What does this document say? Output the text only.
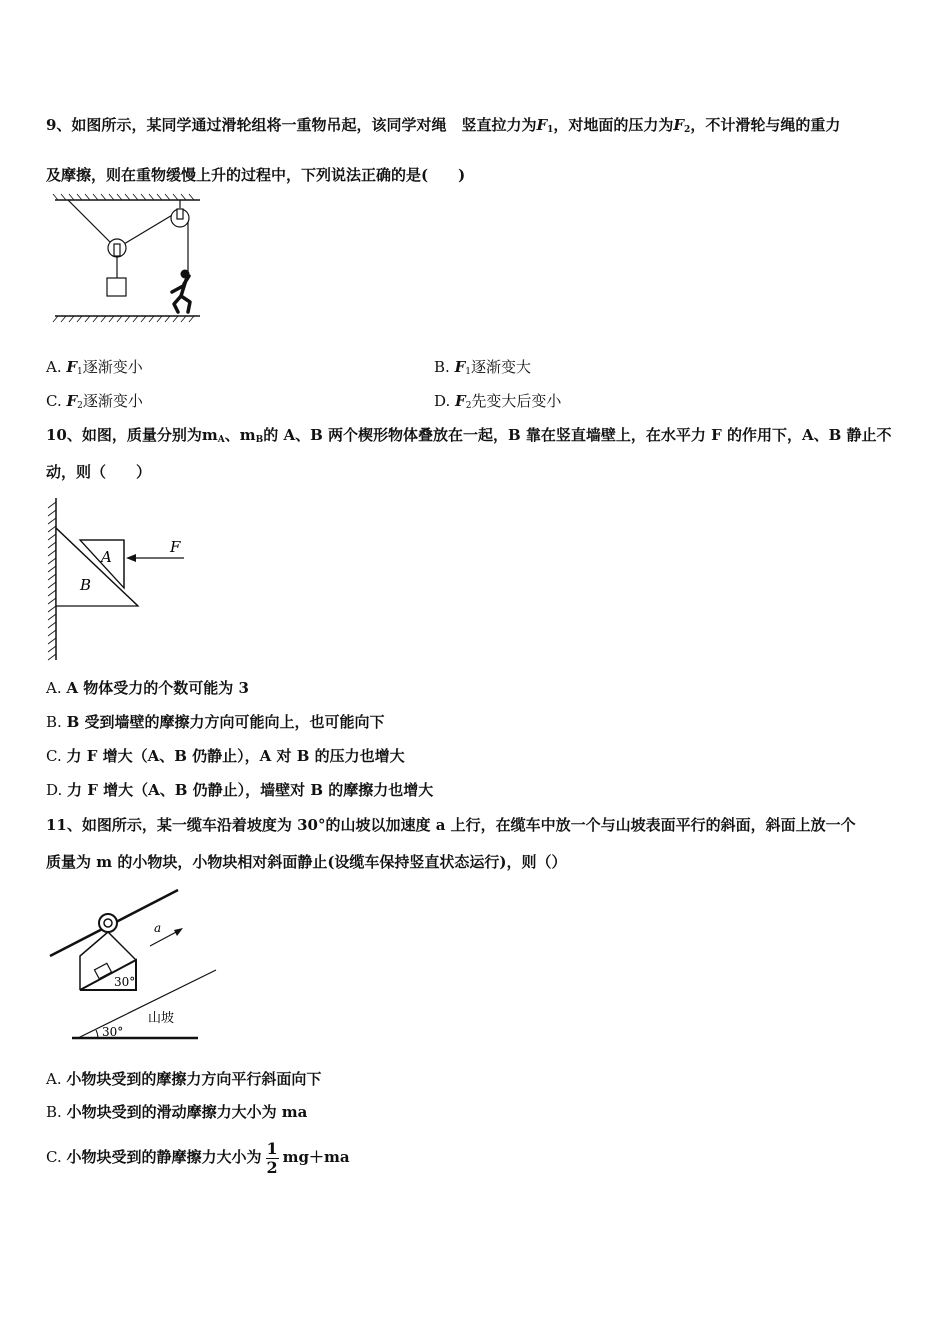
9、如图所示，某同学通过滑轮组将一重物吊起，该同学对绳　竖直拉力为$F_1$，对地面的压力为$F_2$，不计滑轮与绳的重力
及摩擦，则在重物缓慢上升的过程中，下列说法正确的是(　　)
A. $F_1$逐渐变小	B. $F_1$逐渐变大
C. $F_2$逐渐变小	D. $F_2$先变大后变小
10、如图，质量分别为$m_A$、$m_B$的 A、B 两个楔形物体叠放在一起，B 靠在竖直墙壁上，在水平力 F 的作用下，A、B 静止不
动，则（　　）
A
B
F
A. A 物体受力的个数可能为 3
B. B 受到墙壁的摩擦力方向可能向上，也可能向下
C. 力 F 增大（A、B 仍静止），A 对 B 的压力也增大
D. 力 F 增大（A、B 仍静止），墙壁对 B 的摩擦力也增大
11、如图所示，某一缆车沿着坡度为 30°的山坡以加速度 a 上行，在缆车中放一个与山坡表面平行的斜面，斜面上放一个
质量为 m 的小物块，小物块相对斜面静止(设缆车保持竖直状态运行)，则（）
a
30°
30°
山坡
A. 小物块受到的摩擦力方向平行斜面向下
B. 小物块受到的滑动摩擦力大小为 ma
C. 小物块受到的静摩擦力大小为 $\frac{1}{2} mg+ma$
